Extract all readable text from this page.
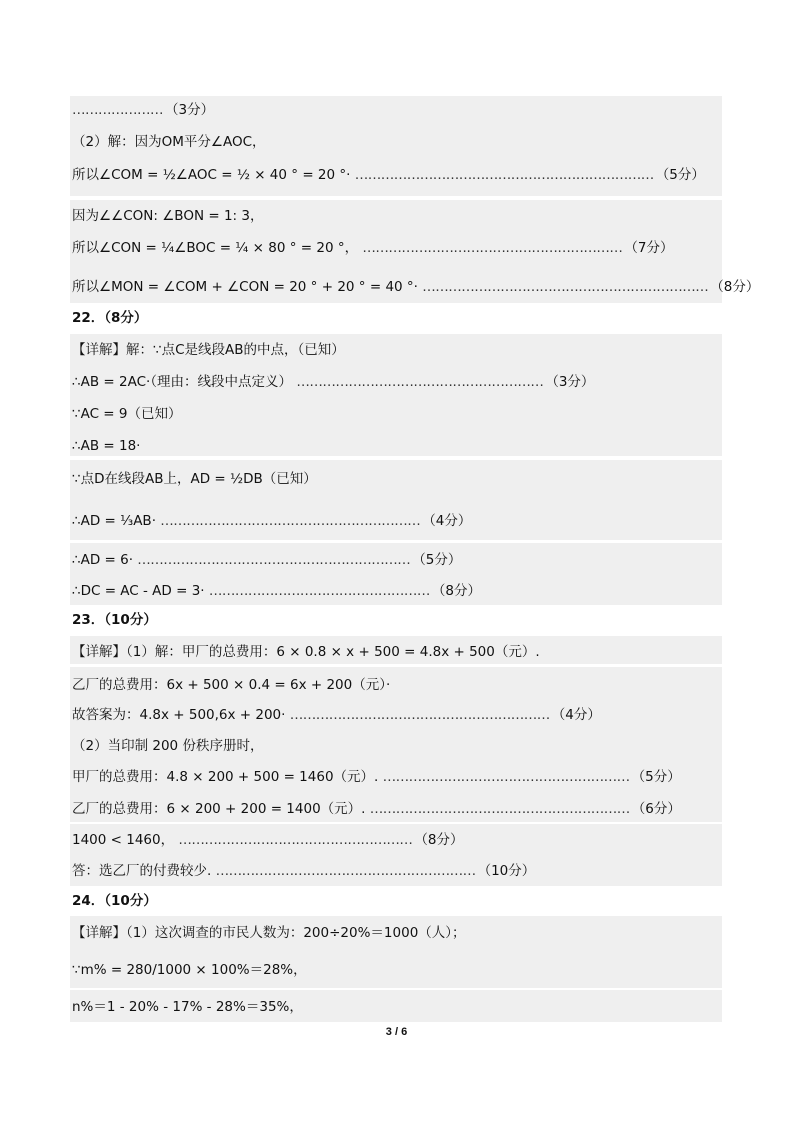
………………… （3分）
（2）解：因为OM平分∠AOC，
所以∠COM = ½∠AOC = ½ × 40 ° = 20 °· …………………………………………………………… （5分）
因为∠∠CON: ∠BON = 1: 3，
所以∠CON = ¼∠BOC = ¼ × 80 ° = 20 °， …………………………………………………… （7分）
所以∠MON = ∠COM + ∠CON = 20 ° + 20 ° = 40 °· ………………………………………………………… （8分）
22．（8分）
【详解】解：∵点C是线段AB的中点，（已知）
∴AB = 2AC·（理由：线段中点定义） ………………………………………………… （3分）
∵AC = 9（已知）
∴AB = 18·
∵点D在线段AB上，AD = ½DB（已知）
∴AD = ⅓AB· …………………………………………………… （4分）
∴AD = 6· ……………………………………………………… （5分）
∴DC = AC - AD = 3· …………………………………………… （8分）
23．（10分）
【详解】（1）解：甲厂的总费用：6 × 0.8 × x + 500 = 4.8x + 500（元）.
乙厂的总费用：6x + 500 × 0.4 = 6x + 200（元）·
故答案为：4.8x + 500,6x + 200· …………………………………………………… （4分）
（2）当印制 200 份秩序册时，
甲厂的总费用：4.8 × 200 + 500 = 1460（元）. ………………………………………………… （5分）
乙厂的总费用：6 × 200 + 200 = 1400（元）. …………………………………………………… （6分）
1400 < 1460， ……………………………………………… （8分）
答：选乙厂的付费较少. …………………………………………………… （10分）
24．（10分）
【详解】（1）这次调查的市民人数为：200÷20%＝1000（人）；
∵m% = 280/1000 × 100%＝28%，
n%＝1 - 20% - 17% - 28%＝35%，
3 / 6
